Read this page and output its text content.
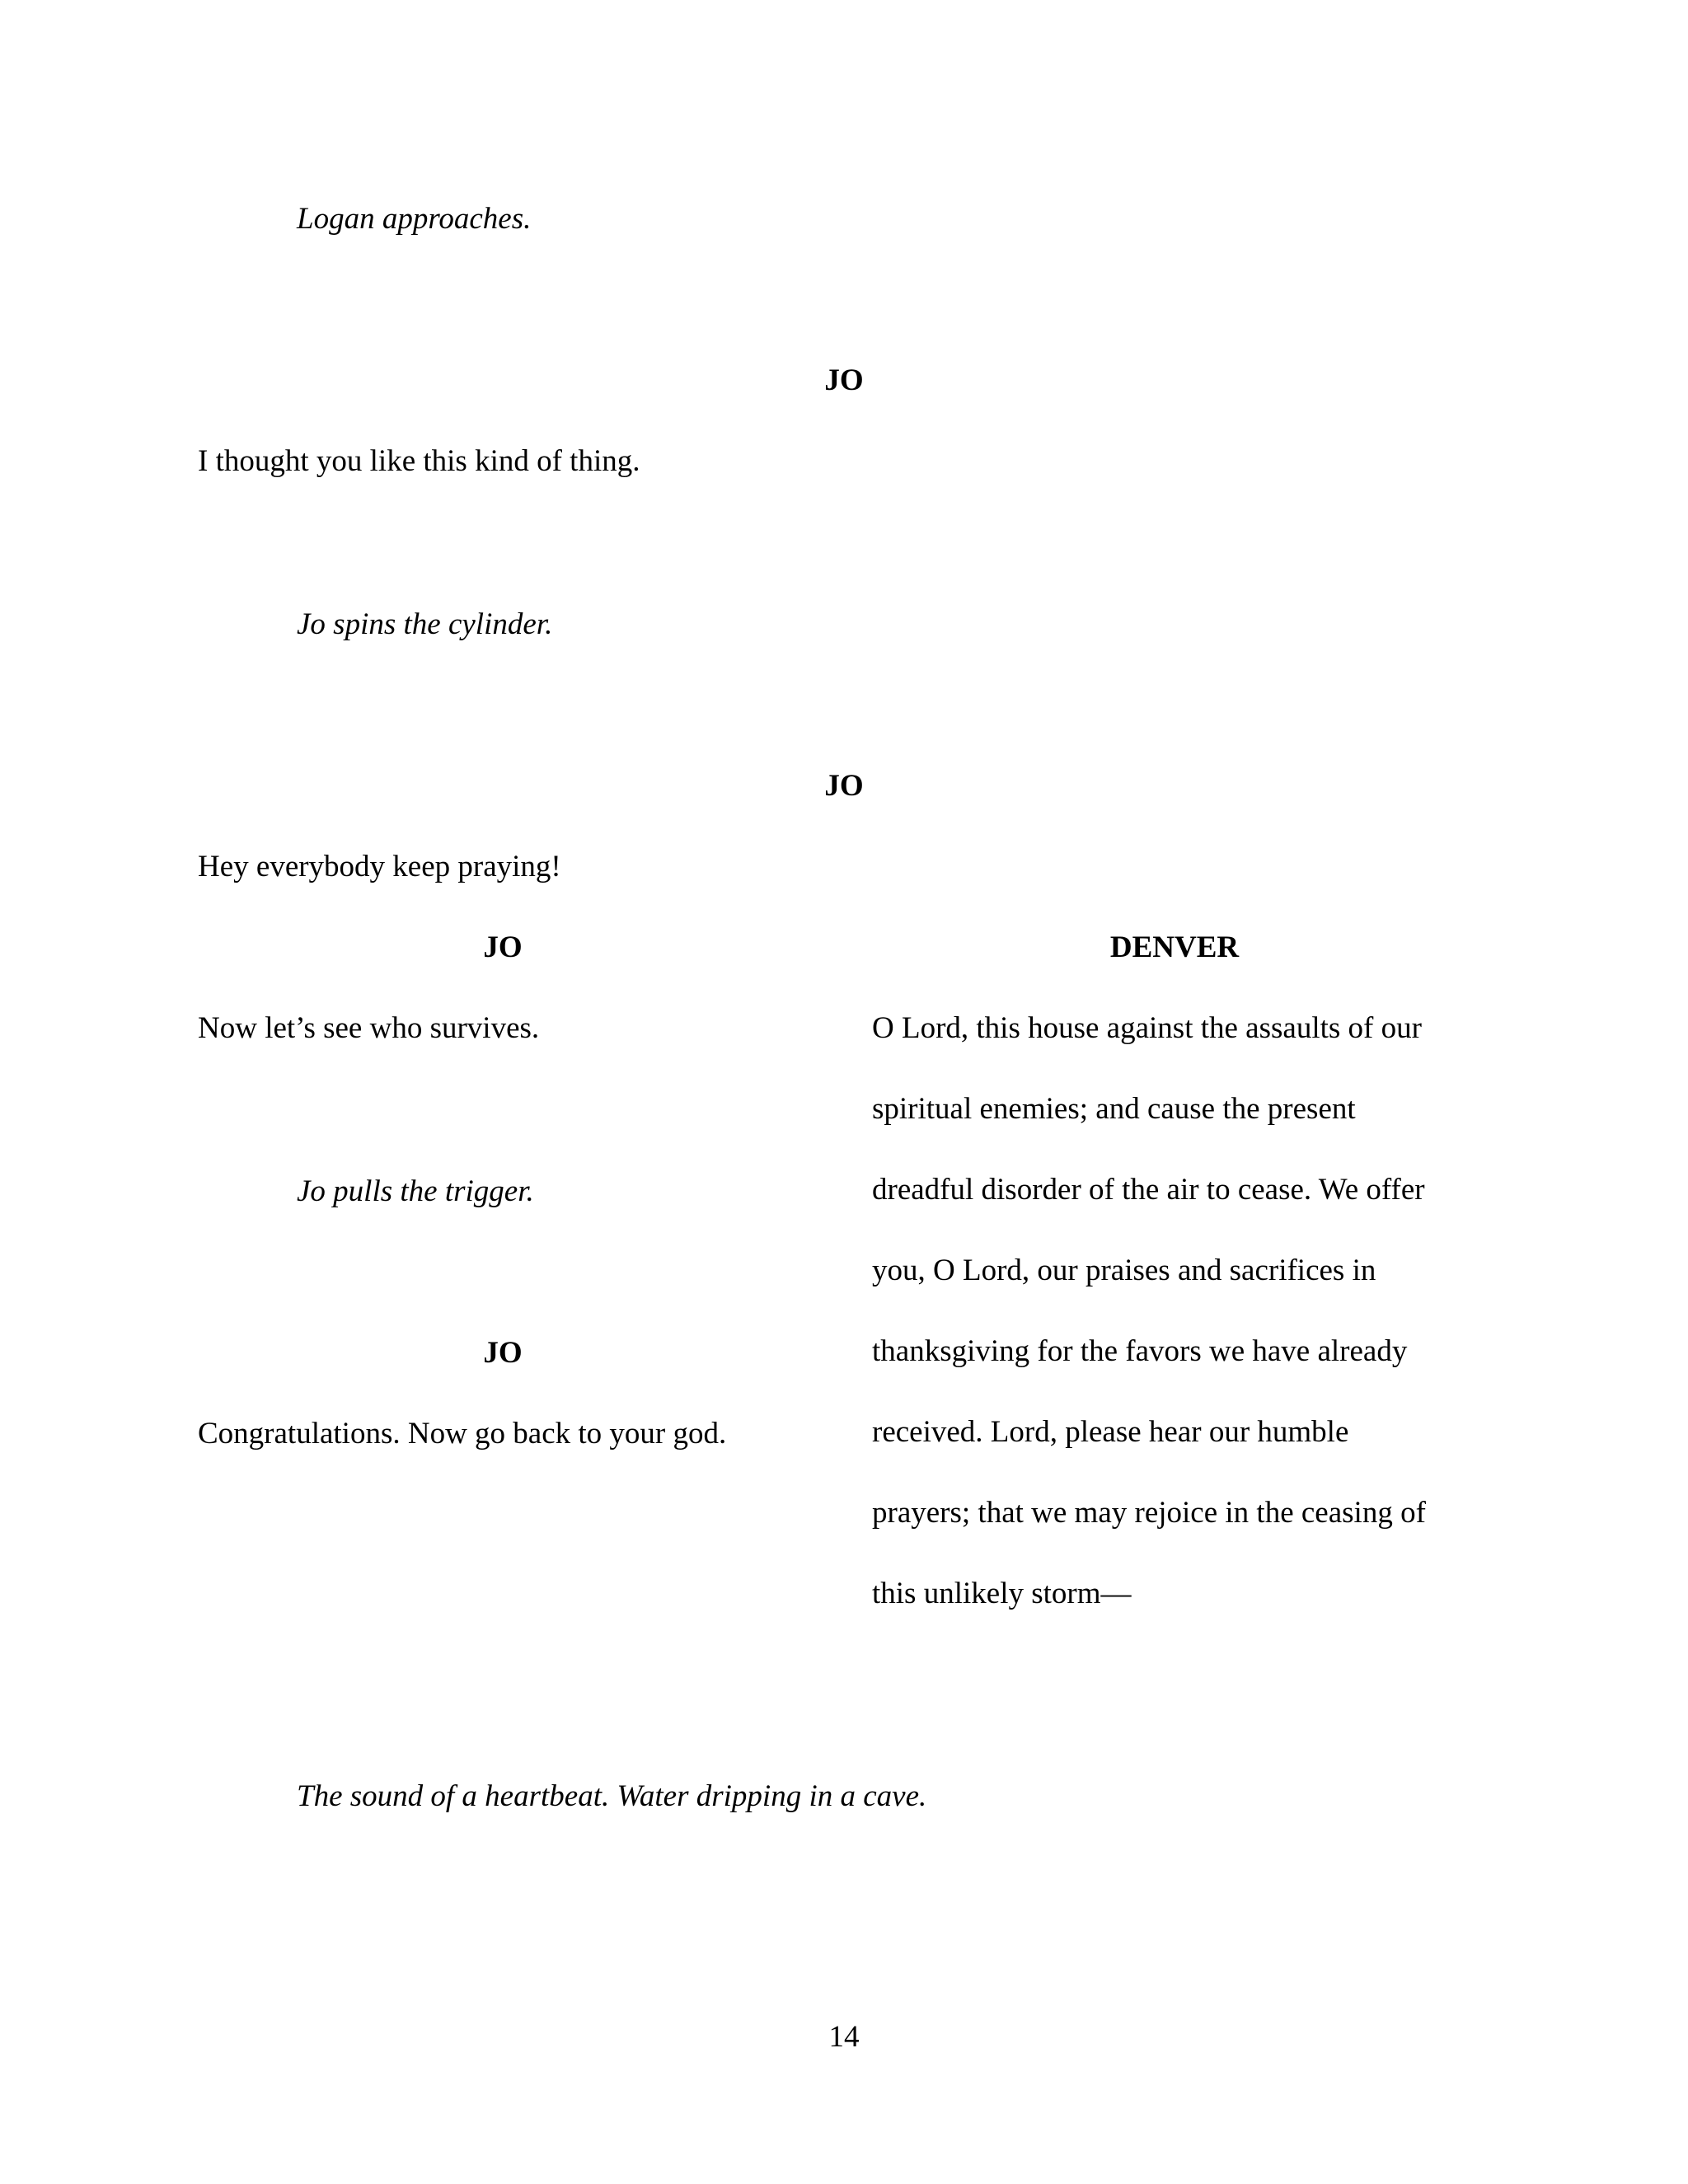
Logan approaches.
JO
I thought you like this kind of thing.
Jo spins the cylinder.
JO
Hey everybody keep praying!
JO
Now let’s see who survives.
Jo pulls the trigger.
JO
Congratulations. Now go back to your god.
DENVER
O Lord, this house against the assaults of our
spiritual enemies; and cause the present
dreadful disorder of the air to cease. We offer
you, O Lord, our praises and sacrifices in
thanksgiving for the favors we have already
received. Lord, please hear our humble
prayers; that we may rejoice in the ceasing of
this unlikely storm—
The sound of a heartbeat. Water dripping in a cave.
14
